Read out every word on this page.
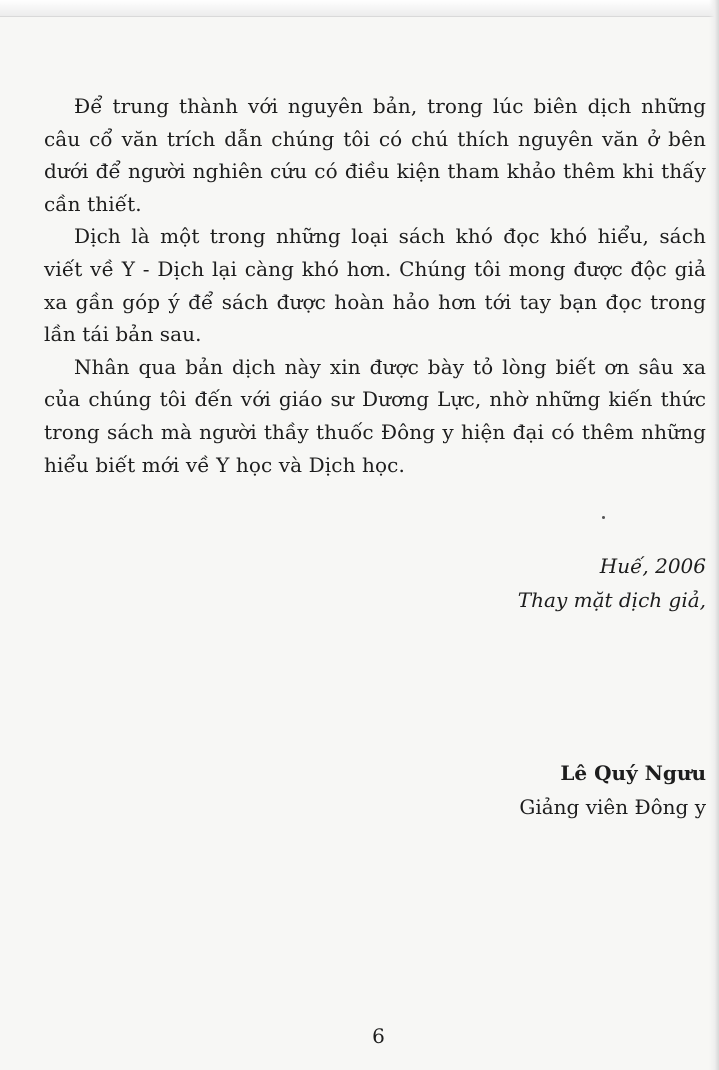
Để trung thành với nguyên bản, trong lúc biên dịch những câu cổ văn trích dẫn chúng tôi có chú thích nguyên văn ở bên dưới để người nghiên cứu có điều kiện tham khảo thêm khi thấy cần thiết.

Dịch là một trong những loại sách khó đọc khó hiểu, sách viết về Y - Dịch lại càng khó hơn. Chúng tôi mong được độc giả xa gần góp ý để sách được hoàn hảo hơn tới tay bạn đọc trong lần tái bản sau.

Nhân qua bản dịch này xin được bày tỏ lòng biết ơn sâu xa của chúng tôi đến với giáo sư Dương Lực, nhờ những kiến thức trong sách mà người thầy thuốc Đông y hiện đại có thêm những hiểu biết mới về Y học và Dịch học.

Huế, 2006
Thay mặt dịch giả,
Lê Quý Ngưu
Giảng viên Đông y
6
